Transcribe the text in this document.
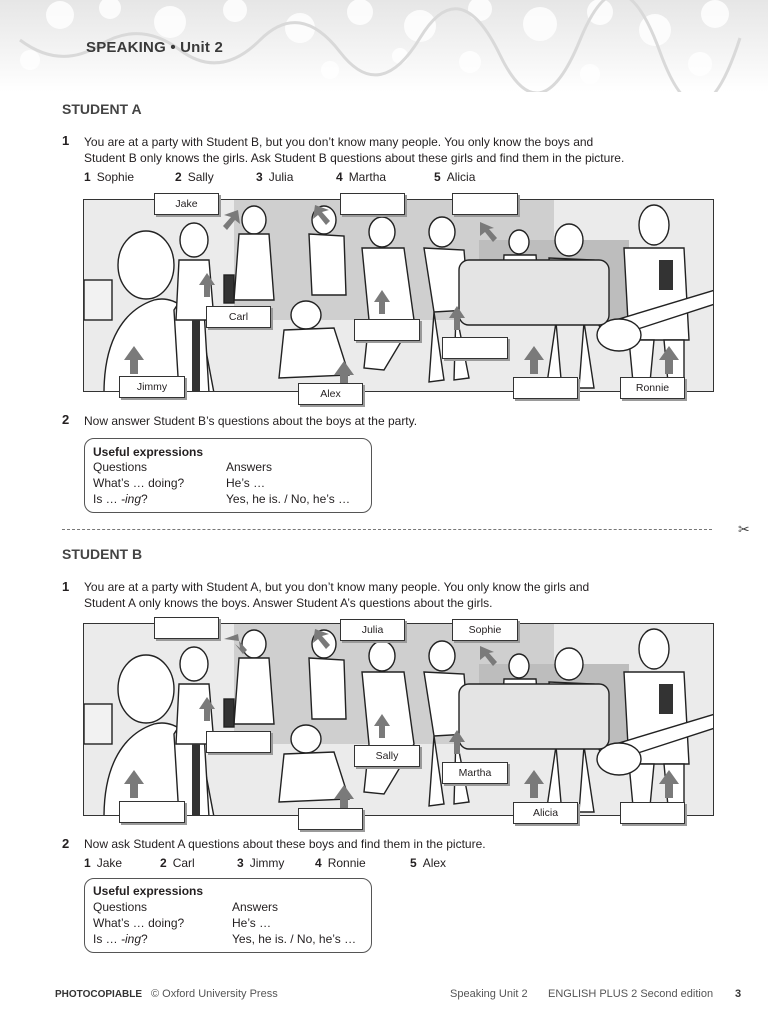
SPEAKING • Unit 2
STUDENT A
1 You are at a party with Student B, but you don’t know many people. You only know the boys and
Student B only knows the girls. Ask Student B questions about these girls and find them in the picture.
1 Sophie	2 Sally	3 Julia	4 Martha	5 Alicia
Jake
Carl
Jimmy
Alex	Ronnie
2 Now answer Student B’s questions about the boys at the party.
Useful expressions
Questions	Answers
What’s … doing?	He’s …
Is … -ing?	Yes, he is. / No, he’s …
✂
STUDENT B
1 You are at a party with Student A, but you don’t know many people. You only know the girls and
Student A only knows the boys. Answer Student A’s questions about the girls.
Julia	Sophie
Sally
Martha
Alicia
2 Now ask Student A questions about these boys and find them in the picture.
1 Jake	2 Carl	3 Jimmy	4 Ronnie	5 Alex
Useful expressions
Questions	Answers
What’s … doing?	He’s …
Is … -ing?	Yes, he is. / No, he’s …
PHOTOCOPIABLE © Oxford University Press	Speaking Unit 2 ENGLISH PLUS 2 Second edition 3
